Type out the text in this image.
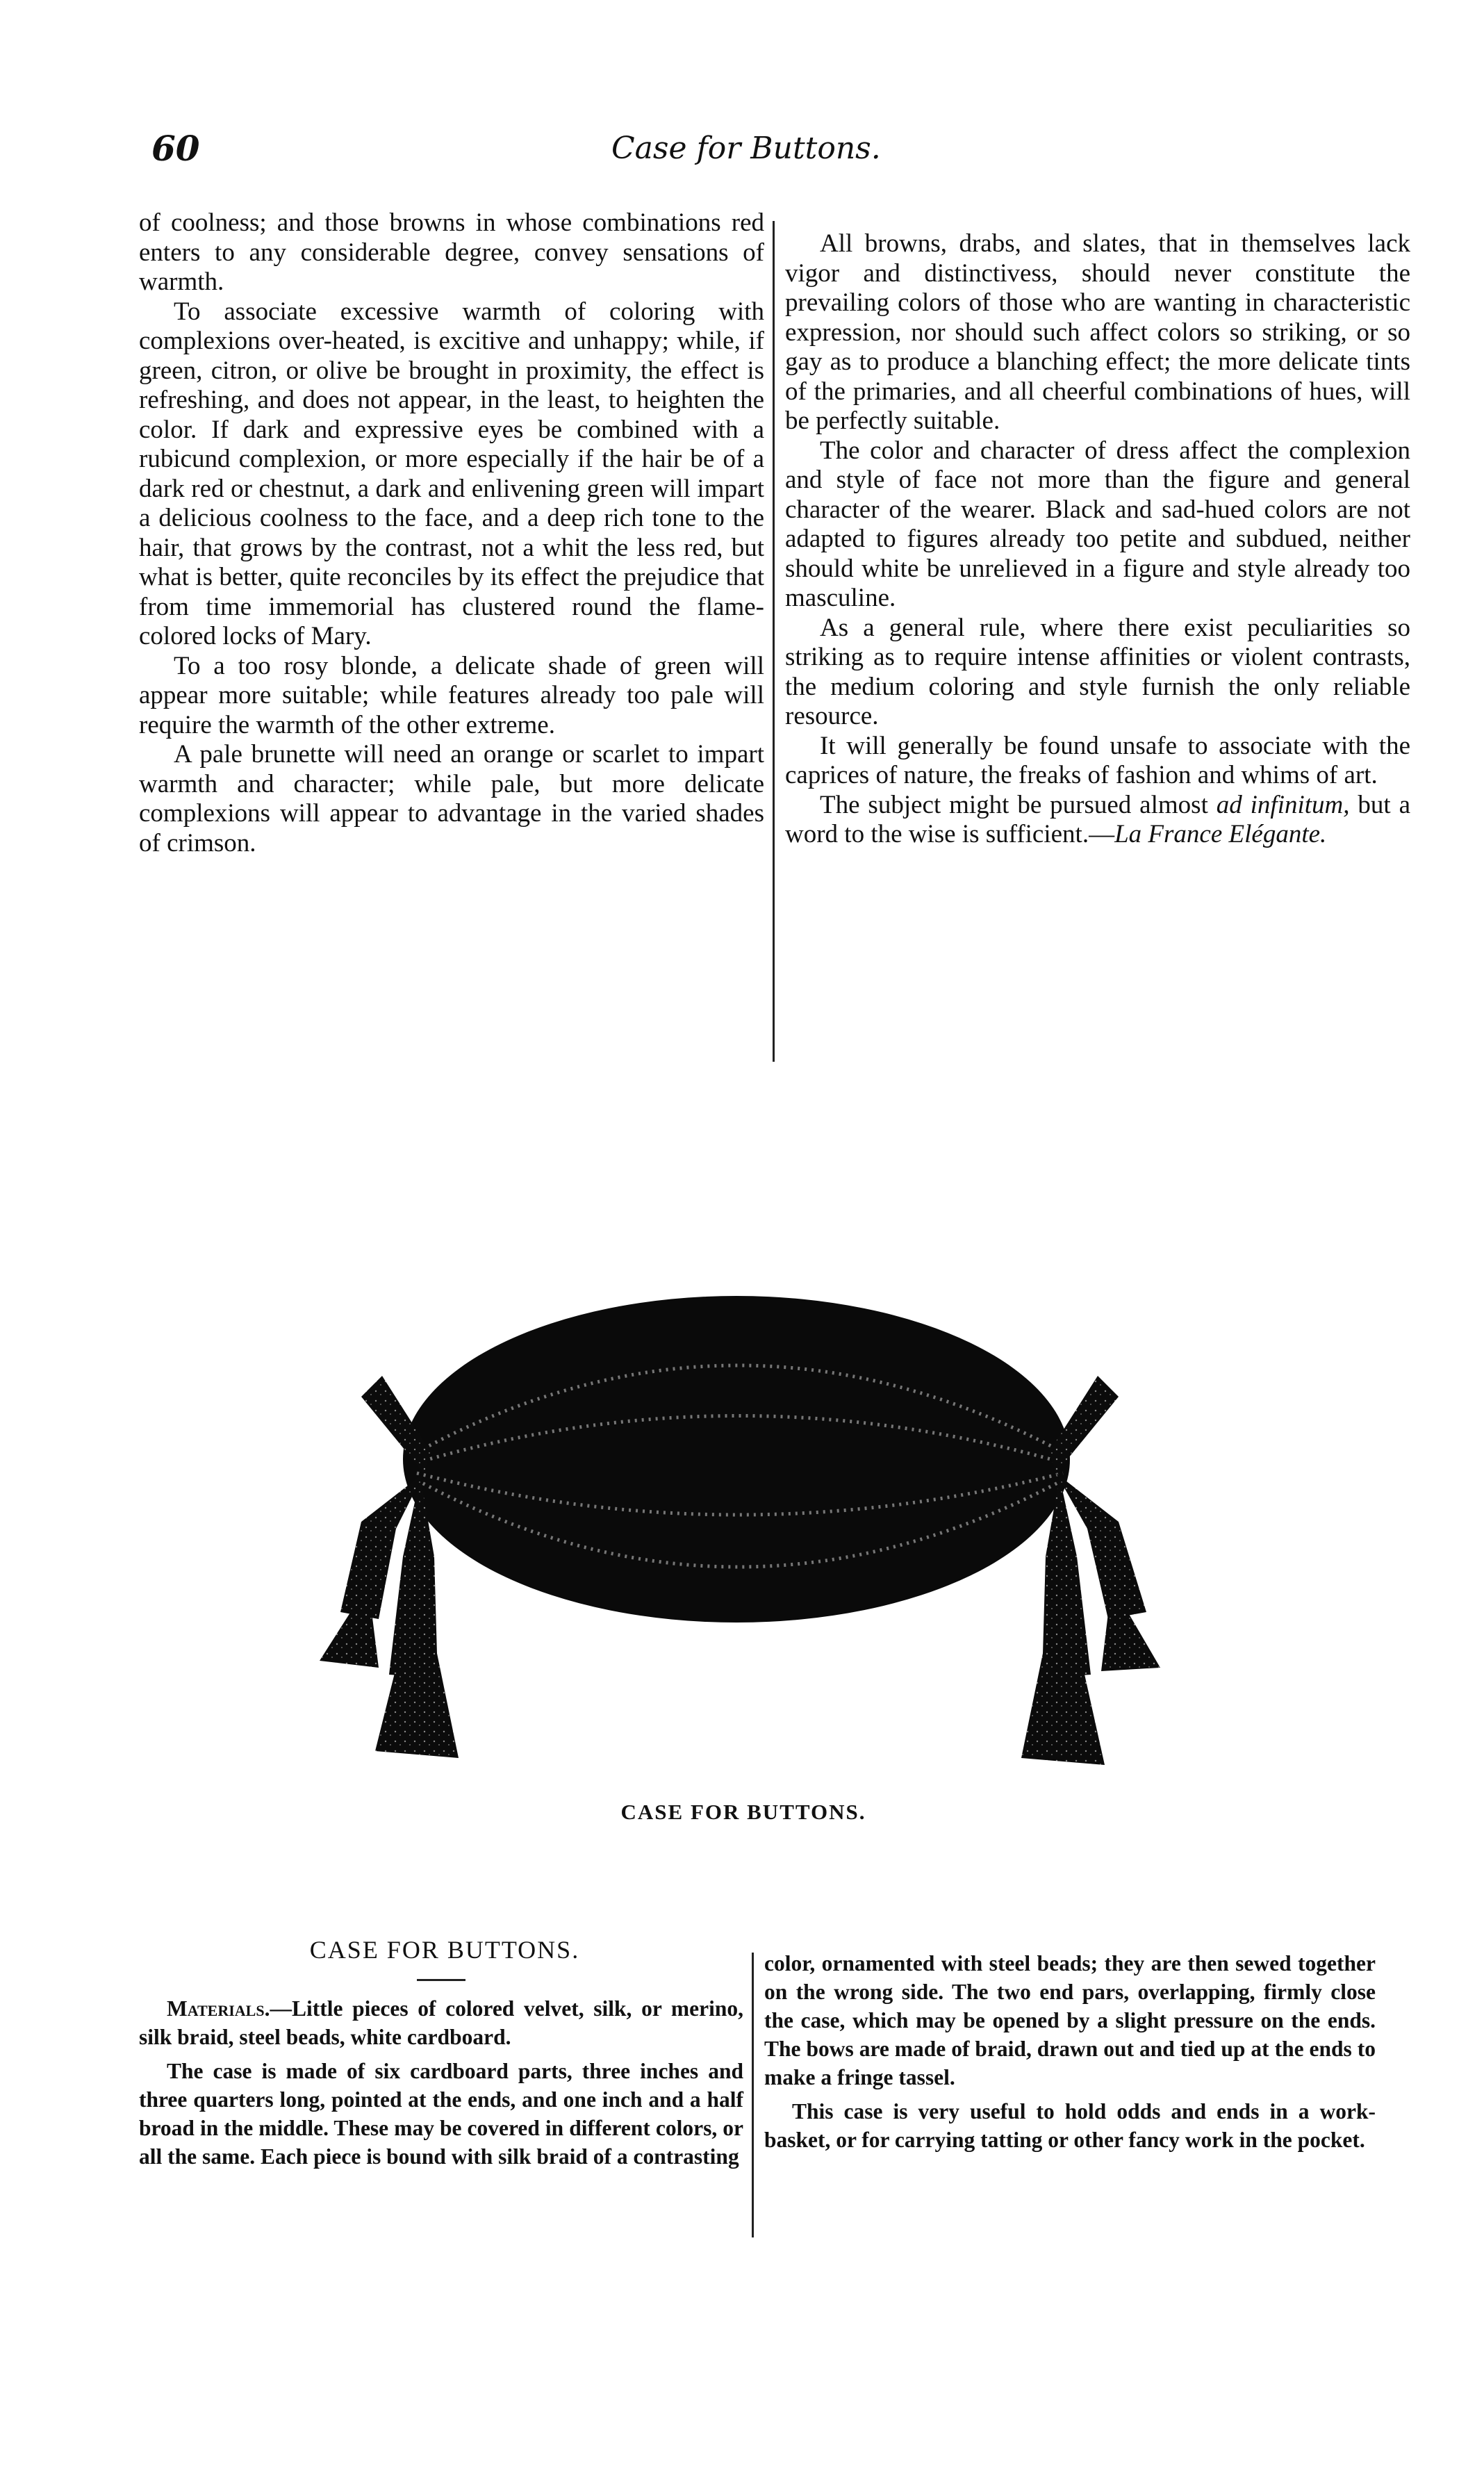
60	Case for Buttons.

of coolness; and those browns in whose combinations red enters to any considerable degree, convey sensations of warmth.

To associate excessive warmth of coloring with complexions over-heated, is excitive and unhappy; while, if green, citron, or olive be brought in proximity, the effect is refreshing, and does not appear, in the least, to heighten the color. If dark and expressive eyes be combined with a rubicund complexion, or more especially if the hair be of a dark red or chestnut, a dark and enlivening green will impart a delicious coolness to the face, and a deep rich tone to the hair, that grows by the contrast, not a whit the less red, but what is better, quite reconciles by its effect the prejudice that from time immemorial has clustered round the flame-colored locks of Mary.

To a too rosy blonde, a delicate shade of green will appear more suitable; while features already too pale will require the warmth of the other extreme.

A pale brunette will need an orange or scarlet to impart warmth and character; while pale, but more delicate complexions will appear to advantage in the varied shades of crimson.

All browns, drabs, and slates, that in themselves lack vigor and distinctivess, should never constitute the prevailing colors of those who are wanting in characteristic expression, nor should such affect colors so striking, or so gay as to produce a blanching effect; the more delicate tints of the primaries, and all cheerful combinations of hues, will be perfectly suitable.

The color and character of dress affect the complexion and style of face not more than the figure and general character of the wearer. Black and sad-hued colors are not adapted to figures already too petite and subdued, neither should white be unrelieved in a figure and style already too masculine.

As a general rule, where there exist peculiarities so striking as to require intense affinities or violent contrasts, the medium coloring and style furnish the only reliable resource.

It will generally be found unsafe to associate with the caprices of nature, the freaks of fashion and whims of art.

The subject might be pursued almost ad infinitum, but a word to the wise is sufficient.—La France Elégante.

CASE FOR BUTTONS.
CASE FOR BUTTONS.

Materials.—Little pieces of colored velvet, silk, or merino, silk braid, steel beads, white cardboard.

The case is made of six cardboard parts, three inches and three quarters long, pointed at the ends, and one inch and a half broad in the middle. These may be covered in different colors, or all the same. Each piece is bound with silk braid of a contrasting

color, ornamented with steel beads; they are then sewed together on the wrong side. The two end pars, overlapping, firmly close the case, which may be opened by a slight pressure on the ends. The bows are made of braid, drawn out and tied up at the ends to make a fringe tassel.

This case is very useful to hold odds and ends in a work-basket, or for carrying tatting or other fancy work in the pocket.
